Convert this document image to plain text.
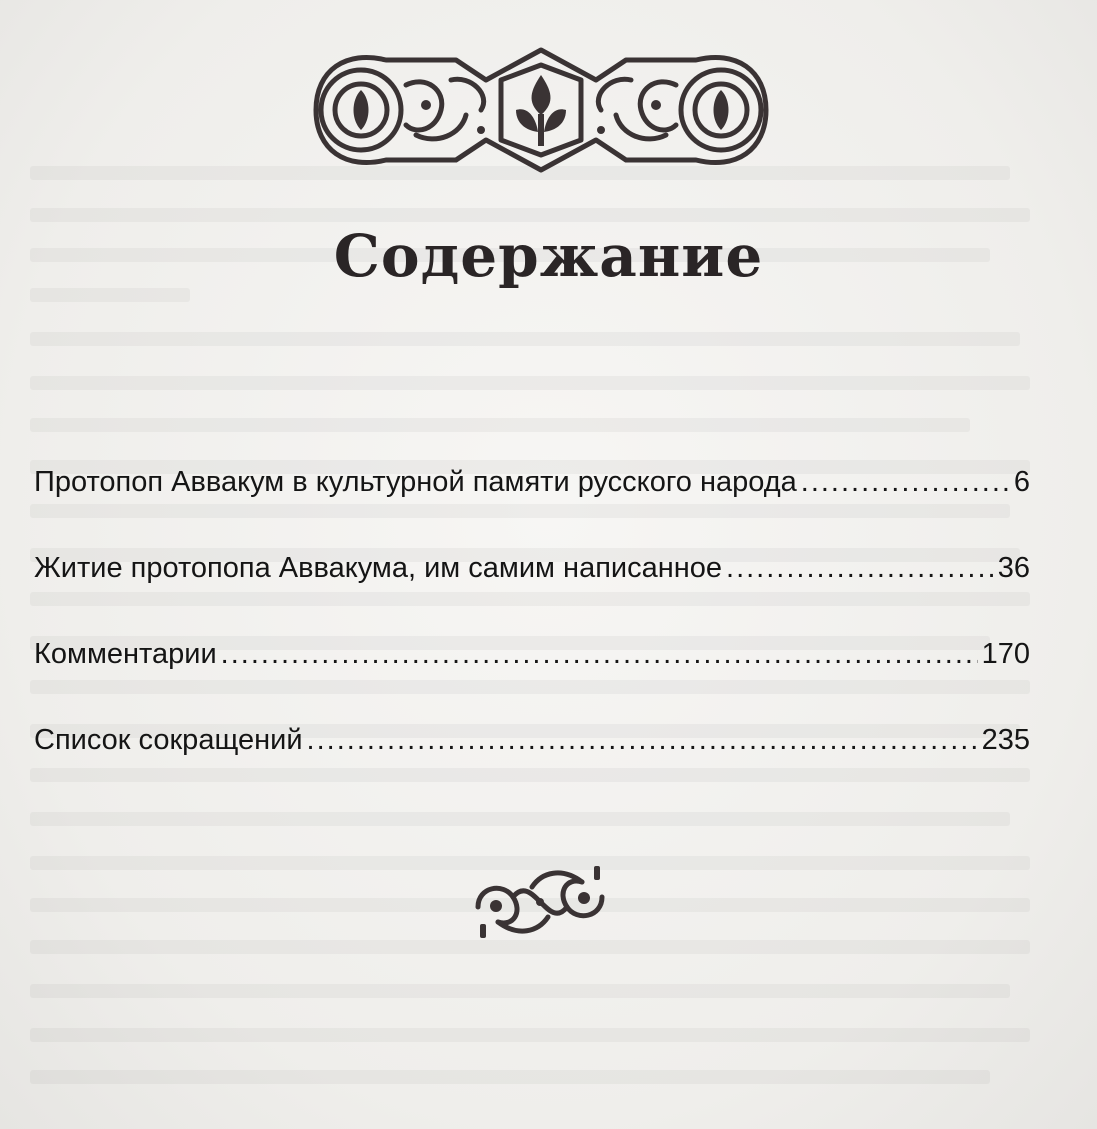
Содержание
Протопоп Аввакум в культурной памяти русского народа .....	6
Житие протопопа Аввакума, им самим написанное .....	36
Комментарии .....	170
Список сокращений .....	235
